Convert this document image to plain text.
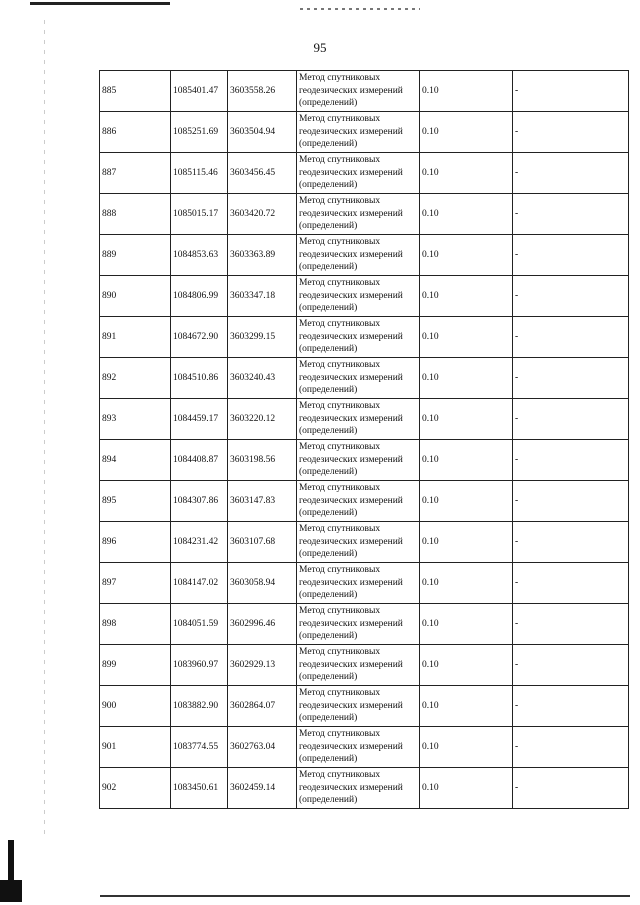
95
885	1085401.47	3603558.26	Метод спутниковых геодезических измерений (определений)	0.10	-
886	1085251.69	3603504.94	Метод спутниковых геодезических измерений (определений)	0.10	-
887	1085115.46	3603456.45	Метод спутниковых геодезических измерений (определений)	0.10	-
888	1085015.17	3603420.72	Метод спутниковых геодезических измерений (определений)	0.10	-
889	1084853.63	3603363.89	Метод спутниковых геодезических измерений (определений)	0.10	-
890	1084806.99	3603347.18	Метод спутниковых геодезических измерений (определений)	0.10	-
891	1084672.90	3603299.15	Метод спутниковых геодезических измерений (определений)	0.10	-
892	1084510.86	3603240.43	Метод спутниковых геодезических измерений (определений)	0.10	-
893	1084459.17	3603220.12	Метод спутниковых геодезических измерений (определений)	0.10	-
894	1084408.87	3603198.56	Метод спутниковых геодезических измерений (определений)	0.10	-
895	1084307.86	3603147.83	Метод спутниковых геодезических измерений (определений)	0.10	-
896	1084231.42	3603107.68	Метод спутниковых геодезических измерений (определений)	0.10	-
897	1084147.02	3603058.94	Метод спутниковых геодезических измерений (определений)	0.10	-
898	1084051.59	3602996.46	Метод спутниковых геодезических измерений (определений)	0.10	-
899	1083960.97	3602929.13	Метод спутниковых геодезических измерений (определений)	0.10	-
900	1083882.90	3602864.07	Метод спутниковых геодезических измерений (определений)	0.10	-
901	1083774.55	3602763.04	Метод спутниковых геодезических измерений (определений)	0.10	-
902	1083450.61	3602459.14	Метод спутниковых геодезических измерений (определений)	0.10	-
